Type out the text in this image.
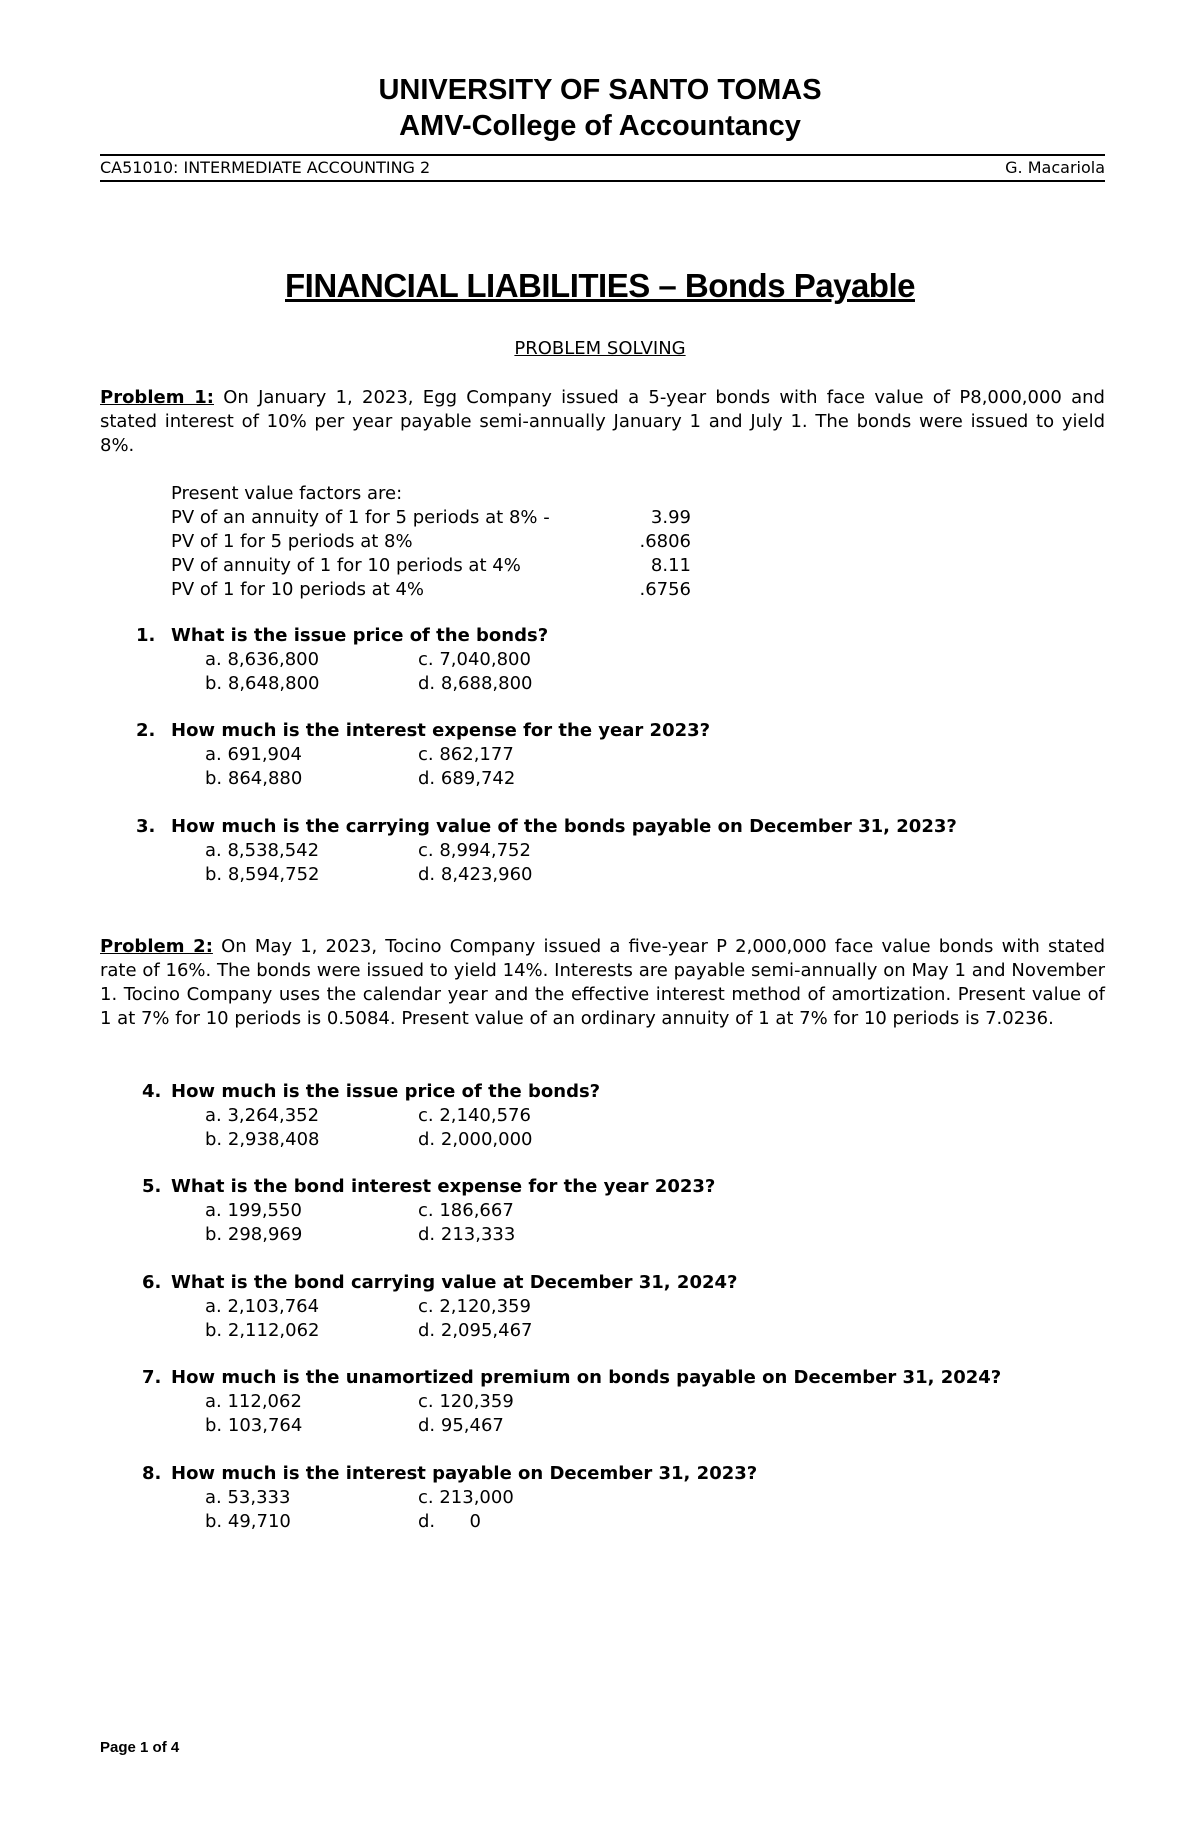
UNIVERSITY OF SANTO TOMAS
AMV-College of Accountancy
CA51010: INTERMEDIATE ACCOUNTING 2	G. Macariola
FINANCIAL LIABILITIES – Bonds Payable
PROBLEM SOLVING
Problem 1: On January 1, 2023, Egg Company issued a 5-year bonds with face value of P8,000,000 and stated interest of 10% per year payable semi-annually January 1 and July 1. The bonds were issued to yield 8%.
Present value factors are:
PV of an annuity of 1 for 5 periods at 8% -	3.99
PV of 1 for 5 periods at 8%	.6806
PV of annuity of 1 for 10 periods at 4%	8.11
PV of 1 for 10 periods at 4%	.6756
1. What is the issue price of the bonds?
a. 8,636,800	c. 7,040,800
b. 8,648,800	d. 8,688,800
2. How much is the interest expense for the year 2023?
a. 691,904	c. 862,177
b. 864,880	d. 689,742
3. How much is the carrying value of the bonds payable on December 31, 2023?
a. 8,538,542	c. 8,994,752
b. 8,594,752	d. 8,423,960
Problem 2: On May 1, 2023, Tocino Company issued a five-year P 2,000,000 face value bonds with stated rate of 16%. The bonds were issued to yield 14%. Interests are payable semi-annually on May 1 and November 1. Tocino Company uses the calendar year and the effective interest method of amortization. Present value of 1 at 7% for 10 periods is 0.5084. Present value of an ordinary annuity of 1 at 7% for 10 periods is 7.0236.
4. How much is the issue price of the bonds?
a. 3,264,352	c. 2,140,576
b. 2,938,408	d. 2,000,000
5. What is the bond interest expense for the year 2023?
a. 199,550	c. 186,667
b. 298,969	d. 213,333
6. What is the bond carrying value at December 31, 2024?
a. 2,103,764	c. 2,120,359
b. 2,112,062	d. 2,095,467
7. How much is the unamortized premium on bonds payable on December 31, 2024?
a. 112,062	c. 120,359
b. 103,764	d. 95,467
8. How much is the interest payable on December 31, 2023?
a. 53,333	c. 213,000
b. 49,710	d.      0
Page 1 of 4
